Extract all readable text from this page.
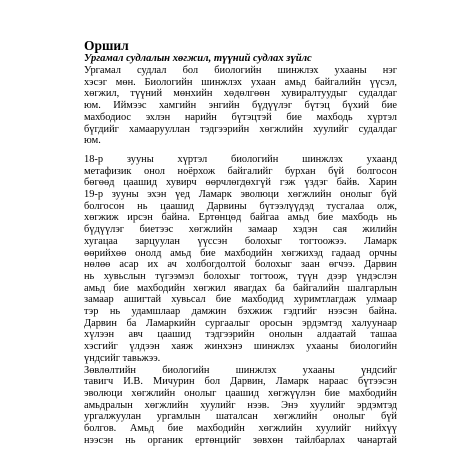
Оршил
Ургамал судлалын хөгжил, түүний судлах зүйлс
Ургамал судлал бол биологийн шинжлэх ухааны нэг
хэсэг мөн. Биологийн шинжлэх ухаан амьд байгалийн үүсэл,
хөгжил, түүний мөнхийн хөдөлгөөн хувиралтуудыг судалдаг
юм. Иймээс хамгийн энгийн бүдүүлэг бүтэц бүхий бие
махбодиос эхлэн нарийн бүтэцтэй бие махбодь хүртэл
бүгдийг хамаарууллан тэдгээрийн хөгжлийн хуулийг судалдаг
юм.
18-р зууны хүртэл биологийн шинжлэх ухаанд
метафизик онол ноёрхож байгалийг бурхан бүй болгосон
бөгөөд цаашид хувирч өөрчлөгдөхгүй гэж үздэг байв. Харин
19-р зууны эхэн үед Ламарк эволюци хөгжлийн онолыг бүй
болгосон нь цаашид Дарвины бүтээлүүдэд тусгалаа олж,
хөгжиж ирсэн байна. Ертөнцөд байгаа амьд бие махбодь нь
бүдүүлэг биетээс хөгжлийн замаар хэдэн сая жилийн
хугацаа зарцуулан үүссэн болохыг тогтоожээ. Ламарк
өөрийхөө онолд амьд бие махбодийн хөгжихэд гадаад орчны
нөлөө асар их ач холбогдолтой болохыг заан өгчээ. Дарвин
нь хувьслын түгээмэл болохыг тогтоож, түүн дээр үндэслэн
амьд бие махбодийн хөгжил явагдах ба байгалийн шалгарлын
замаар ашигтай хувьсал бие махбодид хуримтлагдаж улмаар
тэр нь удамшлаар дамжин бэхжиж гэдгийг нээсэн байна.
Дарвин ба Ламаркийн сургаалыг оросын эрдэмтэд халуунаар
хүлээн авч цаашид тэдгээрийн онолын алдаатай ташаа
хэсгийг үлдээн хаяж жинхэнэ шинжлэх ухааны биологийн
үндсийг тавьжээ.
Зөвлөлтийн биологийн шинжлэх ухааны үндсийг
тавигч И.В. Мичурин бол Дарвин, Ламарк нараас бүтээсэн
эволюци хөгжлийн онолыг цаашид хөгжүүлэн бие махбодийн
амьдралын хөгжлийн хуулийг нээв. Энэ хуулийг эрдэмтэд
ургалжуулан ургамлын шаталсан хөгжлийн онолыг бүй
болгов. Амьд бие махбодийн хөгжлийн хуулийг нийхүү
нээсэн нь органик ертөнцийг зөвхөн тайлбарлах чанартай
